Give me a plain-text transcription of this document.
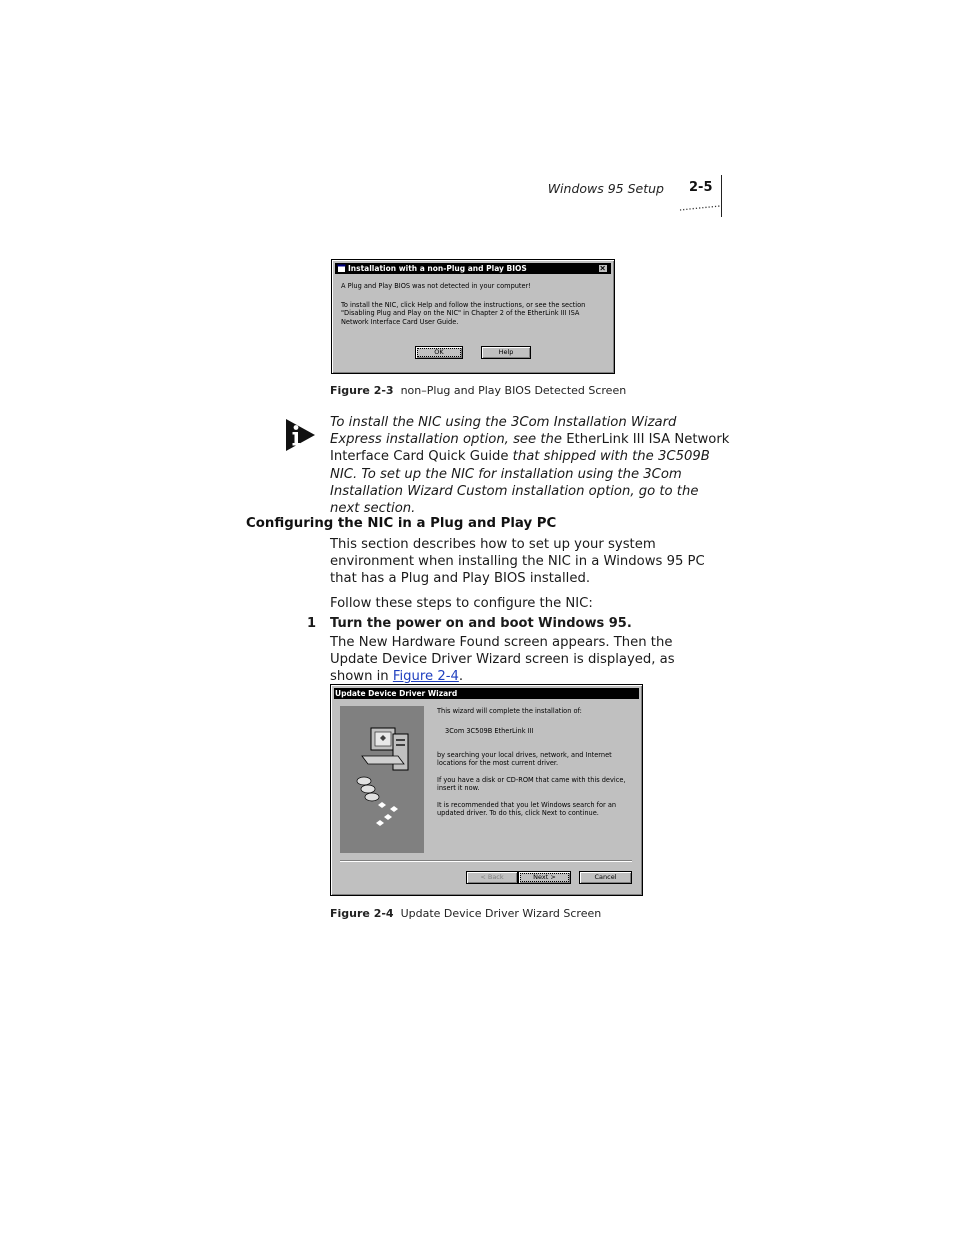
Windows 95 Setup 2-5
Installation with a non-Plug and Play BIOS
A Plug and Play BIOS was not detected in your computer!
To install the NIC, click Help and follow the instructions, or see the section "Disabling Plug and Play on the NIC" in Chapter 2 of the EtherLink III ISA Network Interface Card User Guide.
OK	Help
Figure 2-3 non–Plug and Play BIOS Detected Screen
To install the NIC using the 3Com Installation Wizard Express installation option, see the EtherLink III ISA Network Interface Card Quick Guide that shipped with the 3C509B NIC. To set up the NIC for installation using the 3Com Installation Wizard Custom installation option, go to the next section.
Configuring the NIC in a Plug and Play PC
This section describes how to set up your system environment when installing the NIC in a Windows 95 PC that has a Plug and Play BIOS installed.
Follow these steps to configure the NIC:
1 Turn the power on and boot Windows 95.
The New Hardware Found screen appears. Then the Update Device Driver Wizard screen is displayed, as shown in Figure 2-4.
Update Device Driver Wizard
This wizard will complete the installation of:
3Com 3C509B EtherLink III
by searching your local drives, network, and Internet locations for the most current driver.
If you have a disk or CD-ROM that came with this device, insert it now.
It is recommended that you let Windows search for an updated driver. To do this, click Next to continue.
< Back	Next >	Cancel
Figure 2-4 Update Device Driver Wizard Screen
